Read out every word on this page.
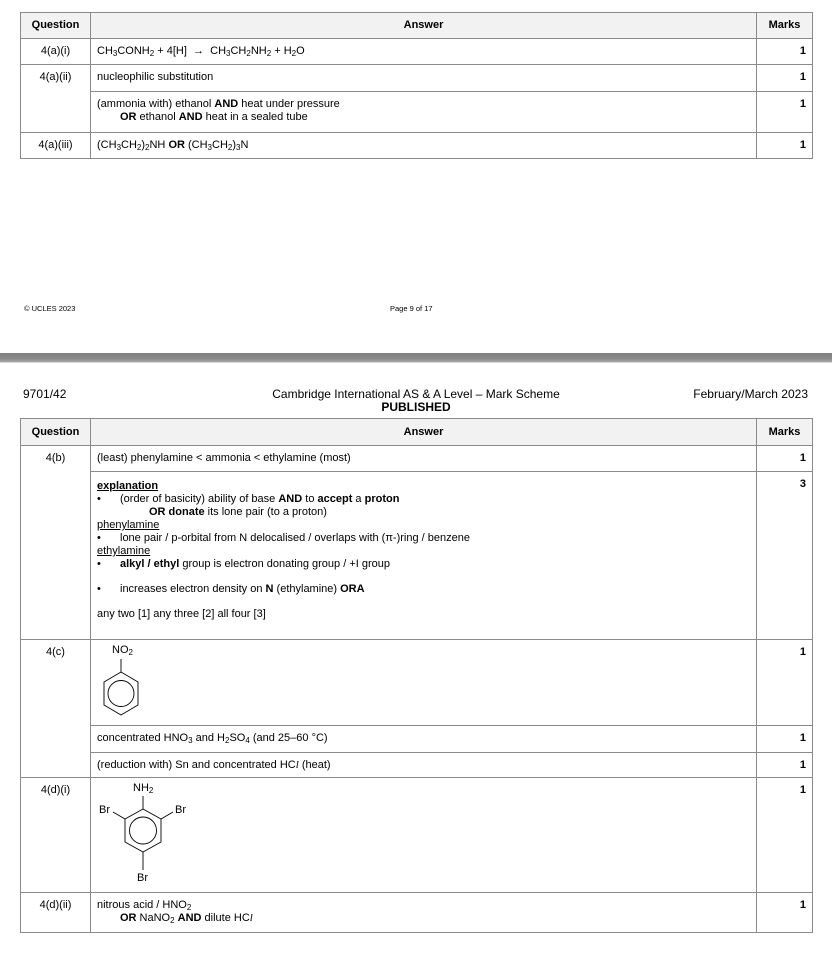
Question	Answer	Marks
4(a)(i)	$CH_3CONH_2 + 4[H] \to CH_3CH_2NH_2 + H_2O$	1
4(a)(ii)	nucleophilic substitution	1

	(ammonia with) ethanol AND heat under pressure
OR ethanol AND heat in a sealed tube	1
4(a)(iii)	$(CH_3CH_2)_2NH$ OR $(CH_3CH_2)_3N$	1
© UCLES 2023	Page 9 of 17
9701/42	Cambridge International AS & A Level – Mark Scheme
PUBLISHED
February/March 2023
Question	Answer	Marks
4(b)	(least) phenylamine < ammonia < ethylamine (most)	1

explanation
•	(order of basicity) ability of base AND to accept a proton
OR donate its lone pair (to a proton)
phenylamine
•	lone pair / p-orbital from N delocalised / overlaps with (π-)ring / benzene
ethylamine
•	alkyl / ethyl group is electron donating group / +I group
•	increases electron density on N (ethylamine) ORA
any two [1] any three [2] all four [3]
	3
4(c)	$NO_2$	1
	concentrated $HNO_3$ and $H_2SO_4$ (and 25–60 °C)	1
	(reduction with) Sn and concentrated HCl (heat)	1
4(d)(i)	$NH_2$
Br Br
Br	1
4(d)(ii)	nitrous acid / $HNO_2$
OR NaNO$_2$ AND dilute HCl	1
